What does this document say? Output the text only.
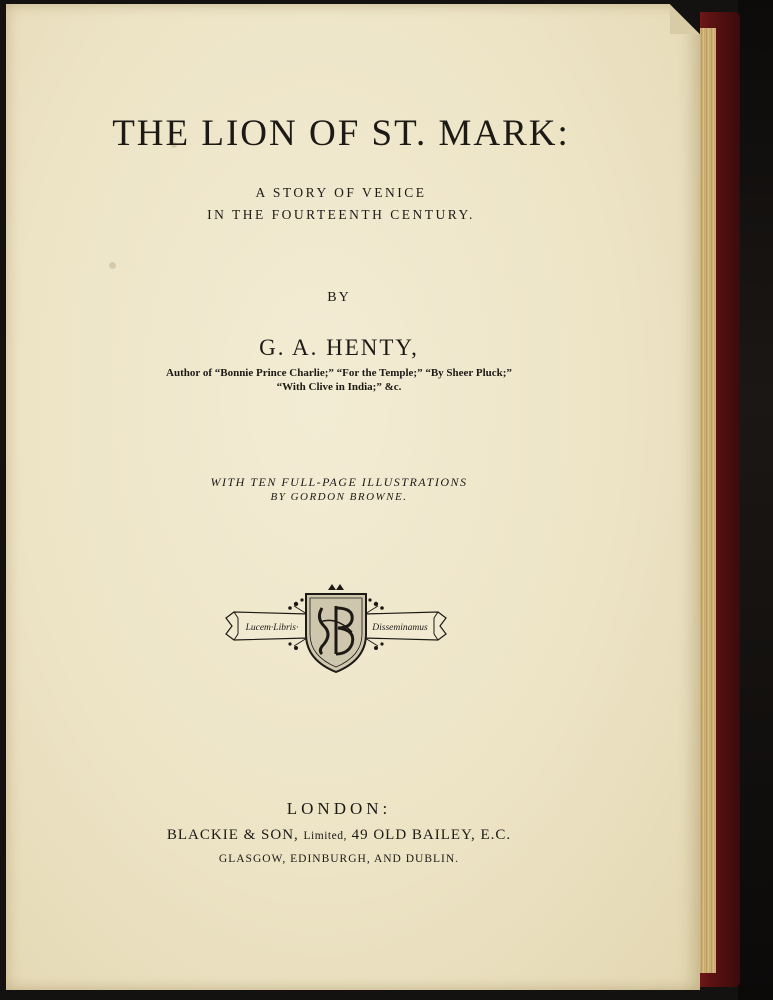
THE LION OF ST. MARK:
A STORY OF VENICE
IN THE FOURTEENTH CENTURY.
BY
G. A. HENTY,
Author of “Bonnie Prince Charlie;” “For the Temple;” “By Sheer Pluck;”
“With Clive in India;” &c.
WITH TEN FULL-PAGE ILLUSTRATIONS
BY GORDON BROWNE.
Lucem·Libris·	Disseminamus
LONDON:
BLACKIE & SON, Limited, 49 OLD BAILEY, E.C.
GLASGOW, EDINBURGH, AND DUBLIN.
